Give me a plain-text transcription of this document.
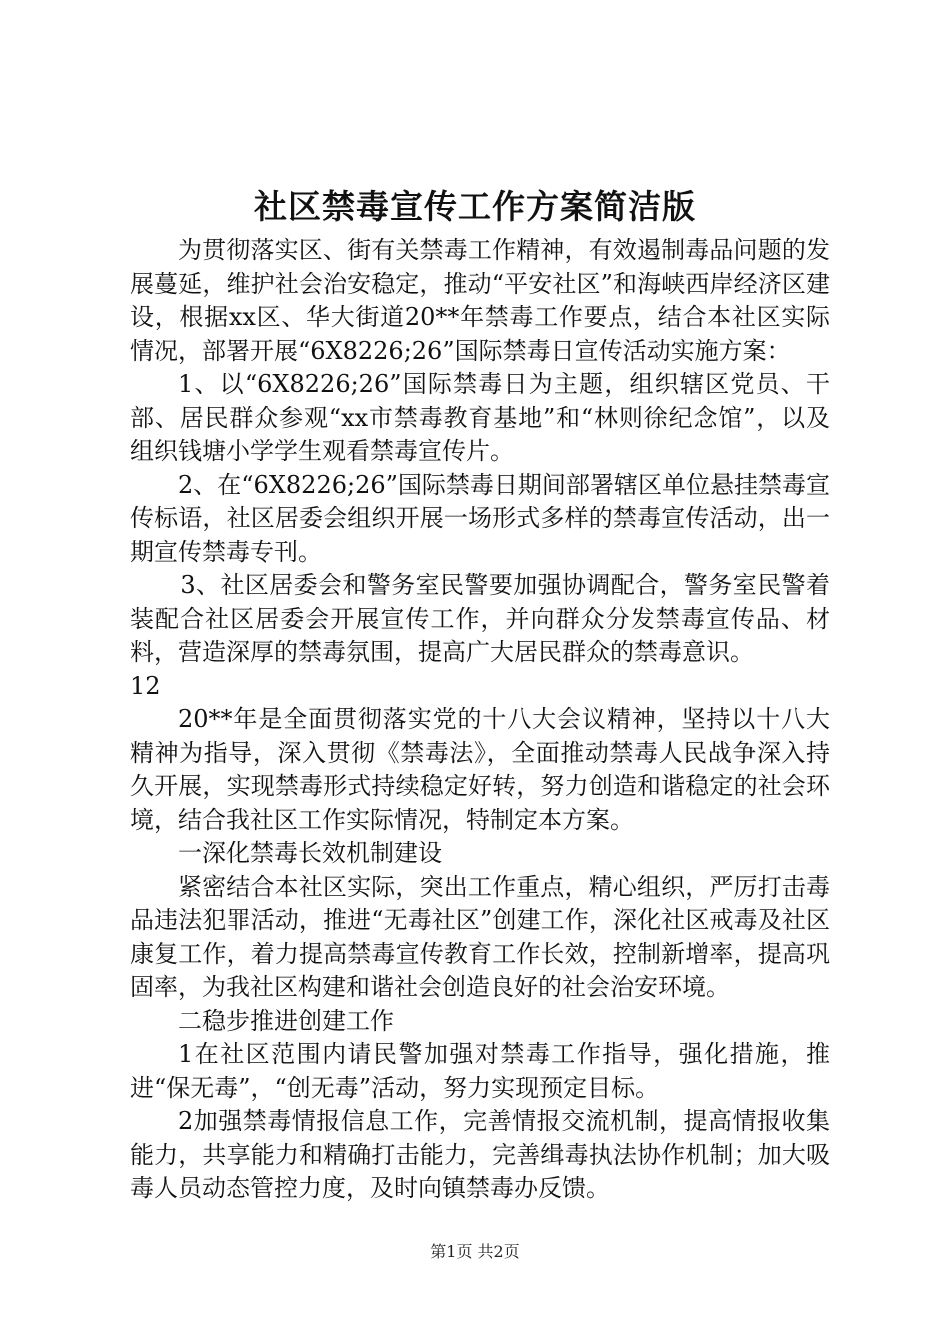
社区禁毒宣传工作方案简洁版

为贯彻落实区、街有关禁毒工作精神，有效遏制毒品问题的发展蔓延，维护社会治安稳定，推动“平安社区”和海峡西岸经济区建设，根据xx区、华大街道20**年禁毒工作要点，结合本社区实际情况，部署开展“6X8226;26”国际禁毒日宣传活动实施方案：

1、以“6X8226;26”国际禁毒日为主题，组织辖区党员、干部、居民群众参观“xx市禁毒教育基地”和“林则徐纪念馆”，以及组织钱塘小学学生观看禁毒宣传片。

2、在“6X8226;26”国际禁毒日期间部署辖区单位悬挂禁毒宣传标语，社区居委会组织开展一场形式多样的禁毒宣传活动，出一期宣传禁毒专刊。

3、社区居委会和警务室民警要加强协调配合，警务室民警着装配合社区居委会开展宣传工作，并向群众分发禁毒宣传品、材料，营造深厚的禁毒氛围，提高广大居民群众的禁毒意识。

12

20**年是全面贯彻落实党的十八大会议精神，坚持以十八大精神为指导，深入贯彻《禁毒法》，全面推动禁毒人民战争深入持久开展，实现禁毒形式持续稳定好转，努力创造和谐稳定的社会环境，结合我社区工作实际情况，特制定本方案。

一深化禁毒长效机制建设

紧密结合本社区实际，突出工作重点，精心组织，严厉打击毒品违法犯罪活动，推进“无毒社区”创建工作，深化社区戒毒及社区康复工作，着力提高禁毒宣传教育工作长效，控制新增率，提高巩固率，为我社区构建和谐社会创造良好的社会治安环境。

二稳步推进创建工作

1在社区范围内请民警加强对禁毒工作指导，强化措施，推进“保无毒”，“创无毒”活动，努力实现预定目标。

2加强禁毒情报信息工作，完善情报交流机制，提高情报收集能力，共享能力和精确打击能力，完善缉毒执法协作机制；加大吸毒人员动态管控力度，及时向镇禁毒办反馈。

第1页 共2页
